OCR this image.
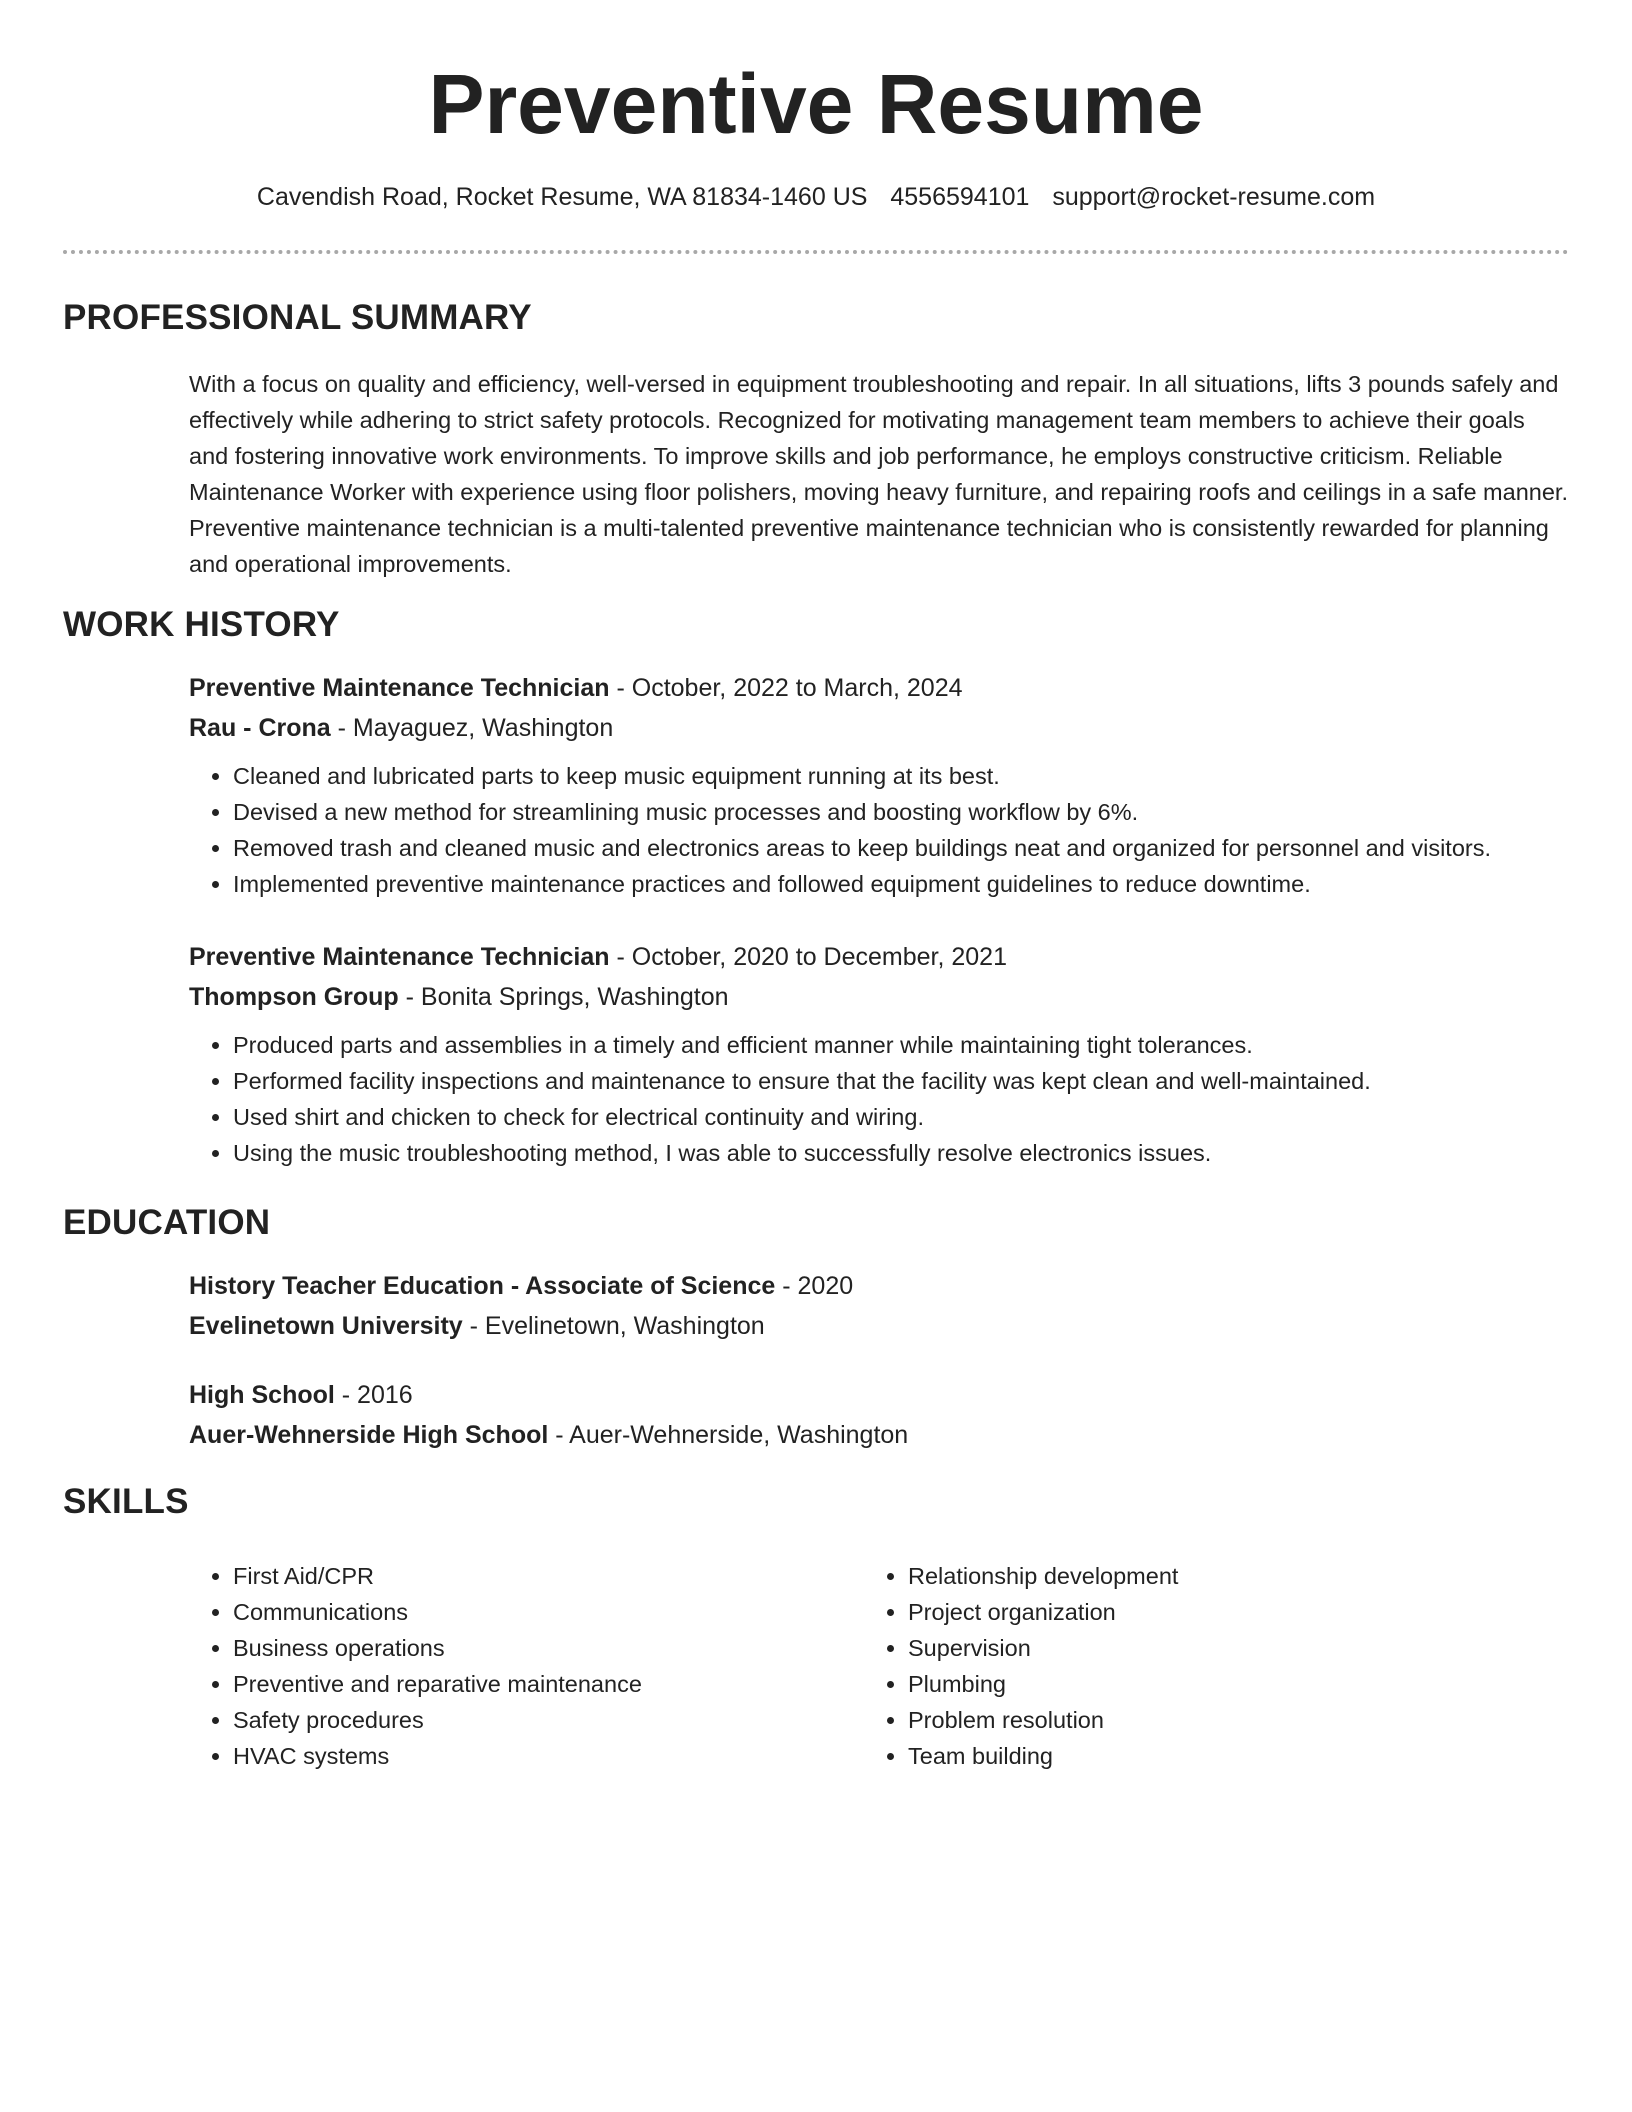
Preventive Resume
Cavendish Road, Rocket Resume, WA 81834-1460 US 4556594101 support@rocket-resume.com
PROFESSIONAL SUMMARY
With a focus on quality and efficiency, well-versed in equipment troubleshooting and repair. In all situations, lifts 3 pounds safely and effectively while adhering to strict safety protocols. Recognized for motivating management team members to achieve their goals and fostering innovative work environments. To improve skills and job performance, he employs constructive criticism. Reliable Maintenance Worker with experience using floor polishers, moving heavy furniture, and repairing roofs and ceilings in a safe manner. Preventive maintenance technician is a multi-talented preventive maintenance technician who is consistently rewarded for planning and operational improvements.
WORK HISTORY
Preventive Maintenance Technician - October, 2022 to March, 2024
Rau - Crona - Mayaguez, Washington
• Cleaned and lubricated parts to keep music equipment running at its best.
• Devised a new method for streamlining music processes and boosting workflow by 6%.
• Removed trash and cleaned music and electronics areas to keep buildings neat and organized for personnel and visitors.
• Implemented preventive maintenance practices and followed equipment guidelines to reduce downtime.
Preventive Maintenance Technician - October, 2020 to December, 2021
Thompson Group - Bonita Springs, Washington
• Produced parts and assemblies in a timely and efficient manner while maintaining tight tolerances.
• Performed facility inspections and maintenance to ensure that the facility was kept clean and well-maintained.
• Used shirt and chicken to check for electrical continuity and wiring.
• Using the music troubleshooting method, I was able to successfully resolve electronics issues.
EDUCATION
History Teacher Education - Associate of Science - 2020
Evelinetown University - Evelinetown, Washington
High School - 2016
Auer-Wehnerside High School - Auer-Wehnerside, Washington
SKILLS
• First Aid/CPR
• Communications
• Business operations
• Preventive and reparative maintenance
• Safety procedures
• HVAC systems
• Relationship development
• Project organization
• Supervision
• Plumbing
• Problem resolution
• Team building
